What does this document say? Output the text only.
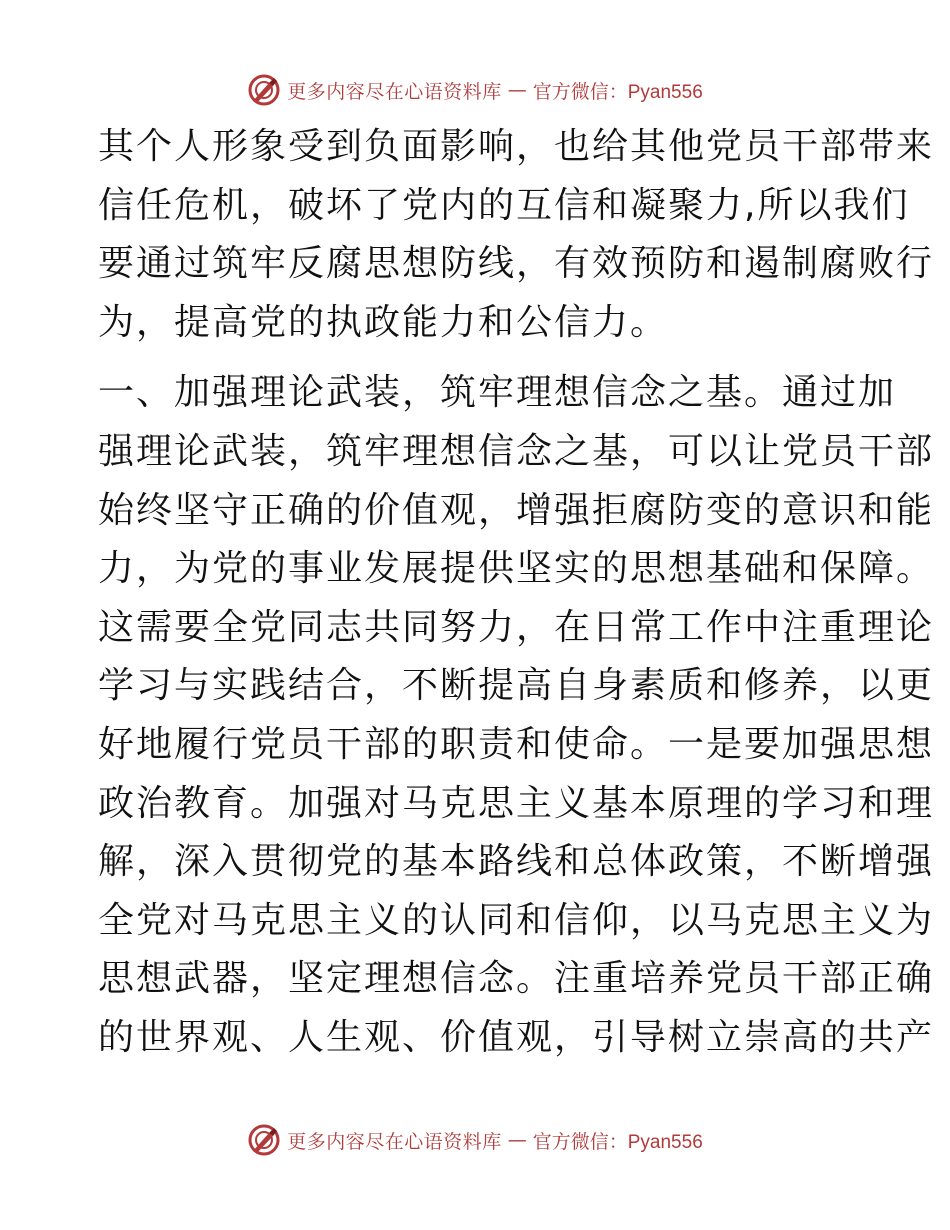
更多内容尽在心语资料库 — 官方微信：Pyan556
其个人形象受到负面影响，也给其他党员干部带来
信任危机，破坏了党内的互信和凝聚力,所以我们
要通过筑牢反腐思想防线，有效预防和遏制腐败行
为，提高党的执政能力和公信力。
一、加强理论武装，筑牢理想信念之基。通过加
强理论武装，筑牢理想信念之基，可以让党员干部
始终坚守正确的价值观，增强拒腐防变的意识和能
力，为党的事业发展提供坚实的思想基础和保障。
这需要全党同志共同努力，在日常工作中注重理论
学习与实践结合，不断提高自身素质和修养，以更
好地履行党员干部的职责和使命。一是要加强思想
政治教育。加强对马克思主义基本原理的学习和理
解，深入贯彻党的基本路线和总体政策，不断增强
全党对马克思主义的认同和信仰，以马克思主义为
思想武器，坚定理想信念。注重培养党员干部正确
的世界观、人生观、价值观，引导树立崇高的共产
更多内容尽在心语资料库 — 官方微信：Pyan556
